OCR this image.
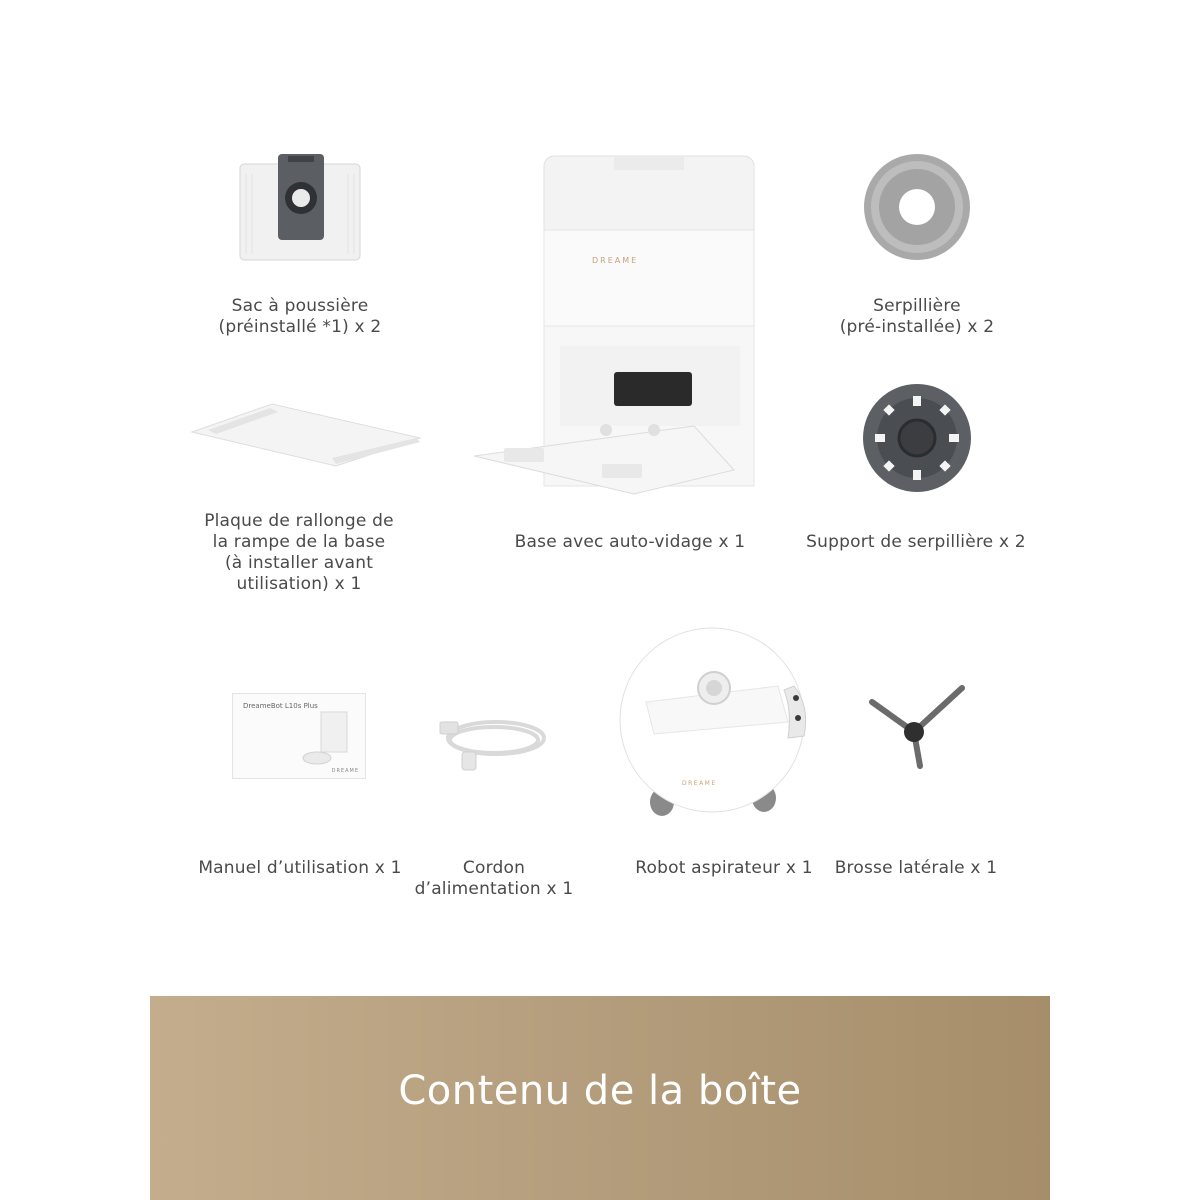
Sac à poussière
(préinstallé *1) x 2
DREAME
Base avec auto-vidage x 1
Serpillière
(pré-installée) x 2
Plaque de rallonge de
la rampe de la base
(à installer avant
utilisation) x 1
Support de serpillière x 2
DreameBot L10s Plus
DREAME
Manuel d’utilisation x 1	Cordon
d’alimentation x 1
DREAME
Robot aspirateur x 1	Brosse latérale x 1
Contenu de la boîte
